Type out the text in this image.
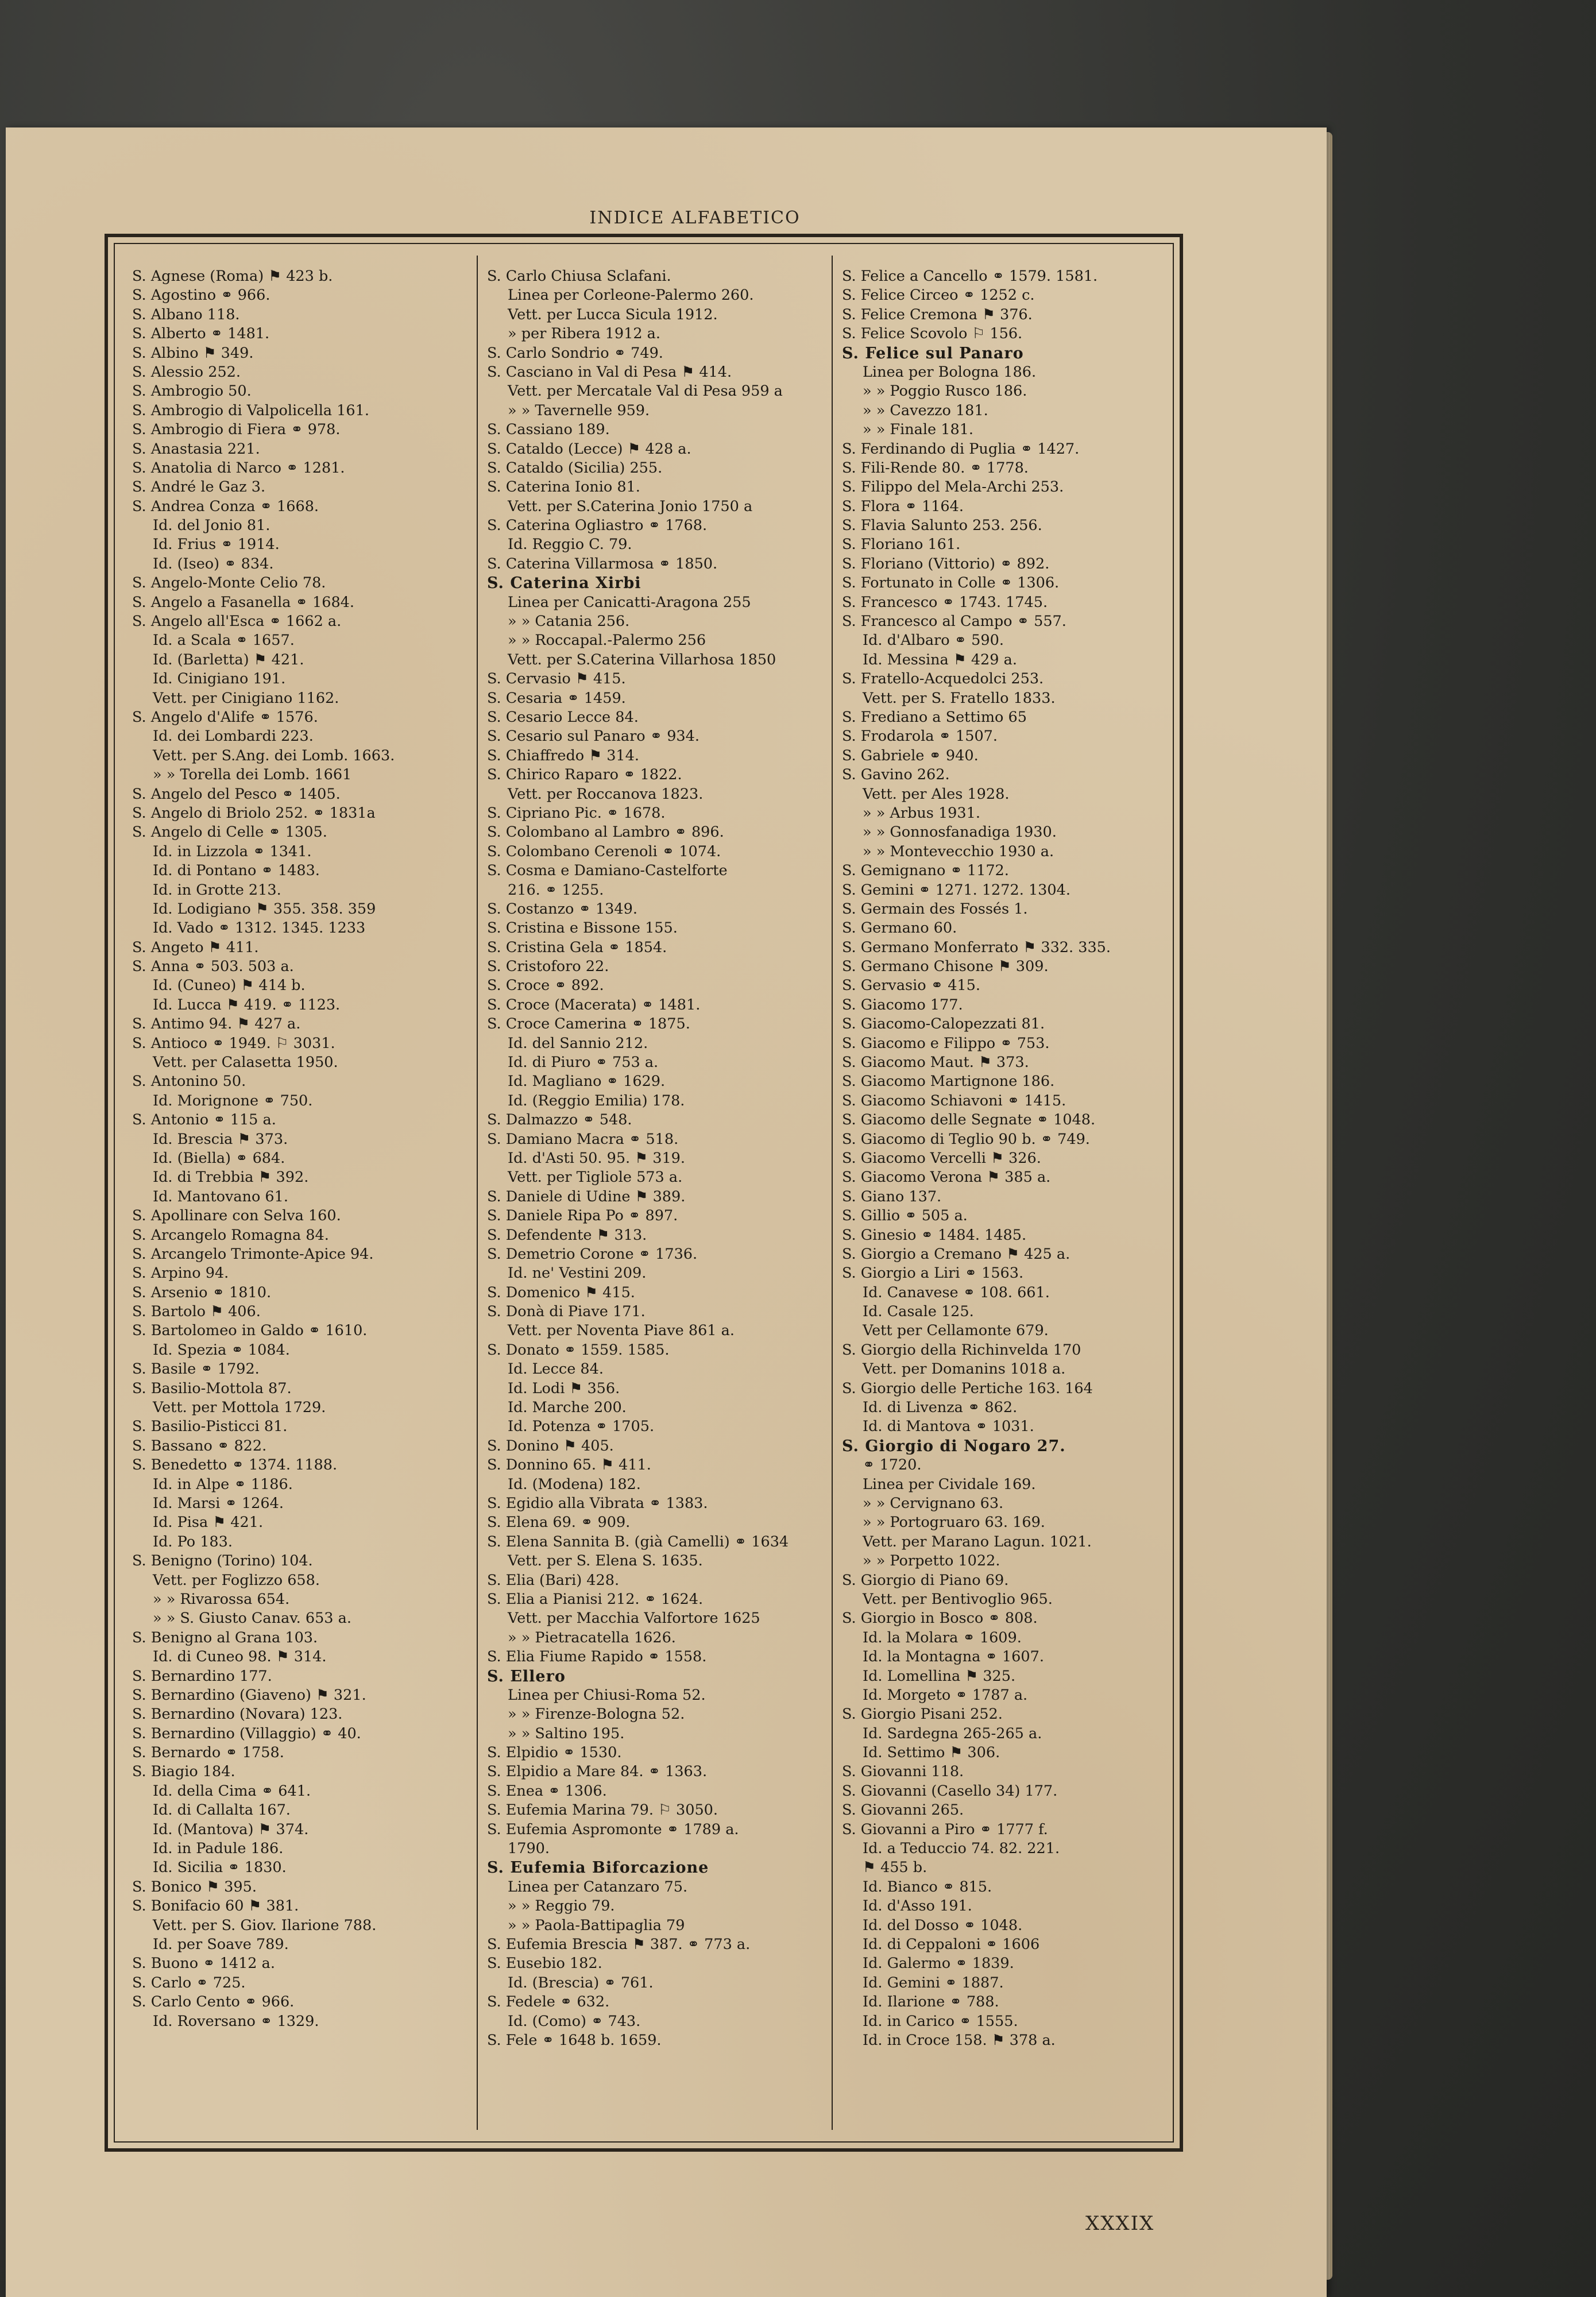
INDICE ALFABETICO
S. Agnese (Roma) ⚑ 423 b.
S. Agostino ⚭ 966.
S. Albano 118.
S. Alberto ⚭ 1481.
S. Albino ⚑ 349.
S. Alessio 252.
S. Ambrogio 50.
S. Ambrogio di Valpolicella 161.
S. Ambrogio di Fiera ⚭ 978.
S. Anastasia 221.
S. Anatolia di Narco ⚭ 1281.
S. André le Gaz 3.
S. Andrea Conza ⚭ 1668.
Id. del Jonio 81.
Id. Frius ⚭ 1914.
Id. (Iseo) ⚭ 834.
S. Angelo-Monte Celio 78.
S. Angelo a Fasanella ⚭ 1684.
S. Angelo all'Esca ⚭ 1662 a.
Id. a Scala ⚭ 1657.
Id. (Barletta) ⚑ 421.
Id. Cinigiano 191.
Vett. per Cinigiano 1162.
S. Angelo d'Alife ⚭ 1576.
Id. dei Lombardi 223.
Vett. per S.Ang. dei Lomb. 1663.
» » Torella dei Lomb. 1661
S. Angelo del Pesco ⚭ 1405.
S. Angelo di Briolo 252. ⚭ 1831a
S. Angelo di Celle ⚭ 1305.
Id. in Lizzola ⚭ 1341.
Id. di Pontano ⚭ 1483.
Id. in Grotte 213.
Id. Lodigiano ⚑ 355. 358. 359
Id. Vado ⚭ 1312. 1345. 1233
S. Angeto ⚑ 411.
S. Anna ⚭ 503. 503 a.
Id. (Cuneo) ⚑ 414 b.
Id. Lucca ⚑ 419. ⚭ 1123.
S. Antimo 94. ⚑ 427 a.
S. Antioco ⚭ 1949. ⚐ 3031.
Vett. per Calasetta 1950.
S. Antonino 50.
Id. Morignone ⚭ 750.
S. Antonio ⚭ 115 a.
Id. Brescia ⚑ 373.
Id. (Biella) ⚭ 684.
Id. di Trebbia ⚑ 392.
Id. Mantovano 61.
S. Apollinare con Selva 160.
S. Arcangelo Romagna 84.
S. Arcangelo Trimonte-Apice 94.
S. Arpino 94.
S. Arsenio ⚭ 1810.
S. Bartolo ⚑ 406.
S. Bartolomeo in Galdo ⚭ 1610.
Id. Spezia ⚭ 1084.
S. Basile ⚭ 1792.
S. Basilio-Mottola 87.
Vett. per Mottola 1729.
S. Basilio-Pisticci 81.
S. Bassano ⚭ 822.
S. Benedetto ⚭ 1374. 1188.
Id. in Alpe ⚭ 1186.
Id. Marsi ⚭ 1264.
Id. Pisa ⚑ 421.
Id. Po 183.
S. Benigno (Torino) 104.
Vett. per Foglizzo 658.
» » Rivarossa 654.
» » S. Giusto Canav. 653 a.
S. Benigno al Grana 103.
Id. di Cuneo 98. ⚑ 314.
S. Bernardino 177.
S. Bernardino (Giaveno) ⚑ 321.
S. Bernardino (Novara) 123.
S. Bernardino (Villaggio) ⚭ 40.
S. Bernardo ⚭ 1758.
S. Biagio 184.
Id. della Cima ⚭ 641.
Id. di Callalta 167.
Id. (Mantova) ⚑ 374.
Id. in Padule 186.
Id. Sicilia ⚭ 1830.
S. Bonico ⚑ 395.
S. Bonifacio 60 ⚑ 381.
Vett. per S. Giov. Ilarione 788.
Id. per Soave 789.
S. Buono ⚭ 1412 a.
S. Carlo ⚭ 725.
S. Carlo Cento ⚭ 966.
Id. Roversano ⚭ 1329.
S. Carlo Chiusa Sclafani.
Linea per Corleone-Palermo 260.
Vett. per Lucca Sicula 1912.
» per Ribera 1912 a.
S. Carlo Sondrio ⚭ 749.
S. Casciano in Val di Pesa ⚑ 414.
Vett. per Mercatale Val di Pesa 959 a
» » Tavernelle 959.
S. Cassiano 189.
S. Cataldo (Lecce) ⚑ 428 a.
S. Cataldo (Sicilia) 255.
S. Caterina Ionio 81.
Vett. per S.Caterina Jonio 1750 a
S. Caterina Ogliastro ⚭ 1768.
Id. Reggio C. 79.
S. Caterina Villarmosa ⚭ 1850.
S. Caterina Xirbi
Linea per Canicatti-Aragona 255
» » Catania 256.
» » Roccapal.-Palermo 256
Vett. per S.Caterina Villarhosa 1850
S. Cervasio ⚑ 415.
S. Cesaria ⚭ 1459.
S. Cesario Lecce 84.
S. Cesario sul Panaro ⚭ 934.
S. Chiaffredo ⚑ 314.
S. Chirico Raparo ⚭ 1822.
Vett. per Roccanova 1823.
S. Cipriano Pic. ⚭ 1678.
S. Colombano al Lambro ⚭ 896.
S. Colombano Cerenoli ⚭ 1074.
S. Cosma e Damiano-Castelforte
216. ⚭ 1255.
S. Costanzo ⚭ 1349.
S. Cristina e Bissone 155.
S. Cristina Gela ⚭ 1854.
S. Cristoforo 22.
S. Croce ⚭ 892.
S. Croce (Macerata) ⚭ 1481.
S. Croce Camerina ⚭ 1875.
Id. del Sannio 212.
Id. di Piuro ⚭ 753 a.
Id. Magliano ⚭ 1629.
Id. (Reggio Emilia) 178.
S. Dalmazzo ⚭ 548.
S. Damiano Macra ⚭ 518.
Id. d'Asti 50. 95. ⚑ 319.
Vett. per Tigliole 573 a.
S. Daniele di Udine ⚑ 389.
S. Daniele Ripa Po ⚭ 897.
S. Defendente ⚑ 313.
S. Demetrio Corone ⚭ 1736.
Id. ne' Vestini 209.
S. Domenico ⚑ 415.
S. Donà di Piave 171.
Vett. per Noventa Piave 861 a.
S. Donato ⚭ 1559. 1585.
Id. Lecce 84.
Id. Lodi ⚑ 356.
Id. Marche 200.
Id. Potenza ⚭ 1705.
S. Donino ⚑ 405.
S. Donnino 65. ⚑ 411.
Id. (Modena) 182.
S. Egidio alla Vibrata ⚭ 1383.
S. Elena 69. ⚭ 909.
S. Elena Sannita B. (già Camelli) ⚭ 1634
Vett. per S. Elena S. 1635.
S. Elia (Bari) 428.
S. Elia a Pianisi 212. ⚭ 1624.
Vett. per Macchia Valfortore 1625
» » Pietracatella 1626.
S. Elia Fiume Rapido ⚭ 1558.
S. Ellero
Linea per Chiusi-Roma 52.
» » Firenze-Bologna 52.
» » Saltino 195.
S. Elpidio ⚭ 1530.
S. Elpidio a Mare 84. ⚭ 1363.
S. Enea ⚭ 1306.
S. Eufemia Marina 79. ⚐ 3050.
S. Eufemia Aspromonte ⚭ 1789 a.
1790.
S. Eufemia Biforcazione
Linea per Catanzaro 75.
» » Reggio 79.
» » Paola-Battipaglia 79
S. Eufemia Brescia ⚑ 387. ⚭ 773 a.
S. Eusebio 182.
Id. (Brescia) ⚭ 761.
S. Fedele ⚭ 632.
Id. (Como) ⚭ 743.
S. Fele ⚭ 1648 b. 1659.
S. Felice a Cancello ⚭ 1579. 1581.
S. Felice Circeo ⚭ 1252 c.
S. Felice Cremona ⚑ 376.
S. Felice Scovolo ⚐ 156.
S. Felice sul Panaro
Linea per Bologna 186.
» » Poggio Rusco 186.
» » Cavezzo 181.
» » Finale 181.
S. Ferdinando di Puglia ⚭ 1427.
S. Fili-Rende 80. ⚭ 1778.
S. Filippo del Mela-Archi 253.
S. Flora ⚭ 1164.
S. Flavia Salunto 253. 256.
S. Floriano 161.
S. Floriano (Vittorio) ⚭ 892.
S. Fortunato in Colle ⚭ 1306.
S. Francesco ⚭ 1743. 1745.
S. Francesco al Campo ⚭ 557.
Id. d'Albaro ⚭ 590.
Id. Messina ⚑ 429 a.
S. Fratello-Acquedolci 253.
Vett. per S. Fratello 1833.
S. Frediano a Settimo 65
S. Frodarola ⚭ 1507.
S. Gabriele ⚭ 940.
S. Gavino 262.
Vett. per Ales 1928.
» » Arbus 1931.
» » Gonnosfanadiga 1930.
» » Montevecchio 1930 a.
S. Gemignano ⚭ 1172.
S. Gemini ⚭ 1271. 1272. 1304.
S. Germain des Fossés 1.
S. Germano 60.
S. Germano Monferrato ⚑ 332. 335.
S. Germano Chisone ⚑ 309.
S. Gervasio ⚭ 415.
S. Giacomo 177.
S. Giacomo-Calopezzati 81.
S. Giacomo e Filippo ⚭ 753.
S. Giacomo Maut. ⚑ 373.
S. Giacomo Martignone 186.
S. Giacomo Schiavoni ⚭ 1415.
S. Giacomo delle Segnate ⚭ 1048.
S. Giacomo di Teglio 90 b. ⚭ 749.
S. Giacomo Vercelli ⚑ 326.
S. Giacomo Verona ⚑ 385 a.
S. Giano 137.
S. Gillio ⚭ 505 a.
S. Ginesio ⚭ 1484. 1485.
S. Giorgio a Cremano ⚑ 425 a.
S. Giorgio a Liri ⚭ 1563.
Id. Canavese ⚭ 108. 661.
Id. Casale 125.
Vett per Cellamonte 679.
S. Giorgio della Richinvelda 170
Vett. per Domanins 1018 a.
S. Giorgio delle Pertiche 163. 164
Id. di Livenza ⚭ 862.
Id. di Mantova ⚭ 1031.
S. Giorgio di Nogaro 27.
⚭ 1720.
Linea per Cividale 169.
» » Cervignano 63.
» » Portogruaro 63. 169.
Vett. per Marano Lagun. 1021.
» » Porpetto 1022.
S. Giorgio di Piano 69.
Vett. per Bentivoglio 965.
S. Giorgio in Bosco ⚭ 808.
Id. la Molara ⚭ 1609.
Id. la Montagna ⚭ 1607.
Id. Lomellina ⚑ 325.
Id. Morgeto ⚭ 1787 a.
S. Giorgio Pisani 252.
Id. Sardegna 265-265 a.
Id. Settimo ⚑ 306.
S. Giovanni 118.
S. Giovanni (Casello 34) 177.
S. Giovanni 265.
S. Giovanni a Piro ⚭ 1777 f.
Id. a Teduccio 74. 82. 221.
⚑ 455 b.
Id. Bianco ⚭ 815.
Id. d'Asso 191.
Id. del Dosso ⚭ 1048.
Id. di Ceppaloni ⚭ 1606
Id. Galermo ⚭ 1839.
Id. Gemini ⚭ 1887.
Id. Ilarione ⚭ 788.
Id. in Carico ⚭ 1555.
Id. in Croce 158. ⚑ 378 a.
XXXIX
